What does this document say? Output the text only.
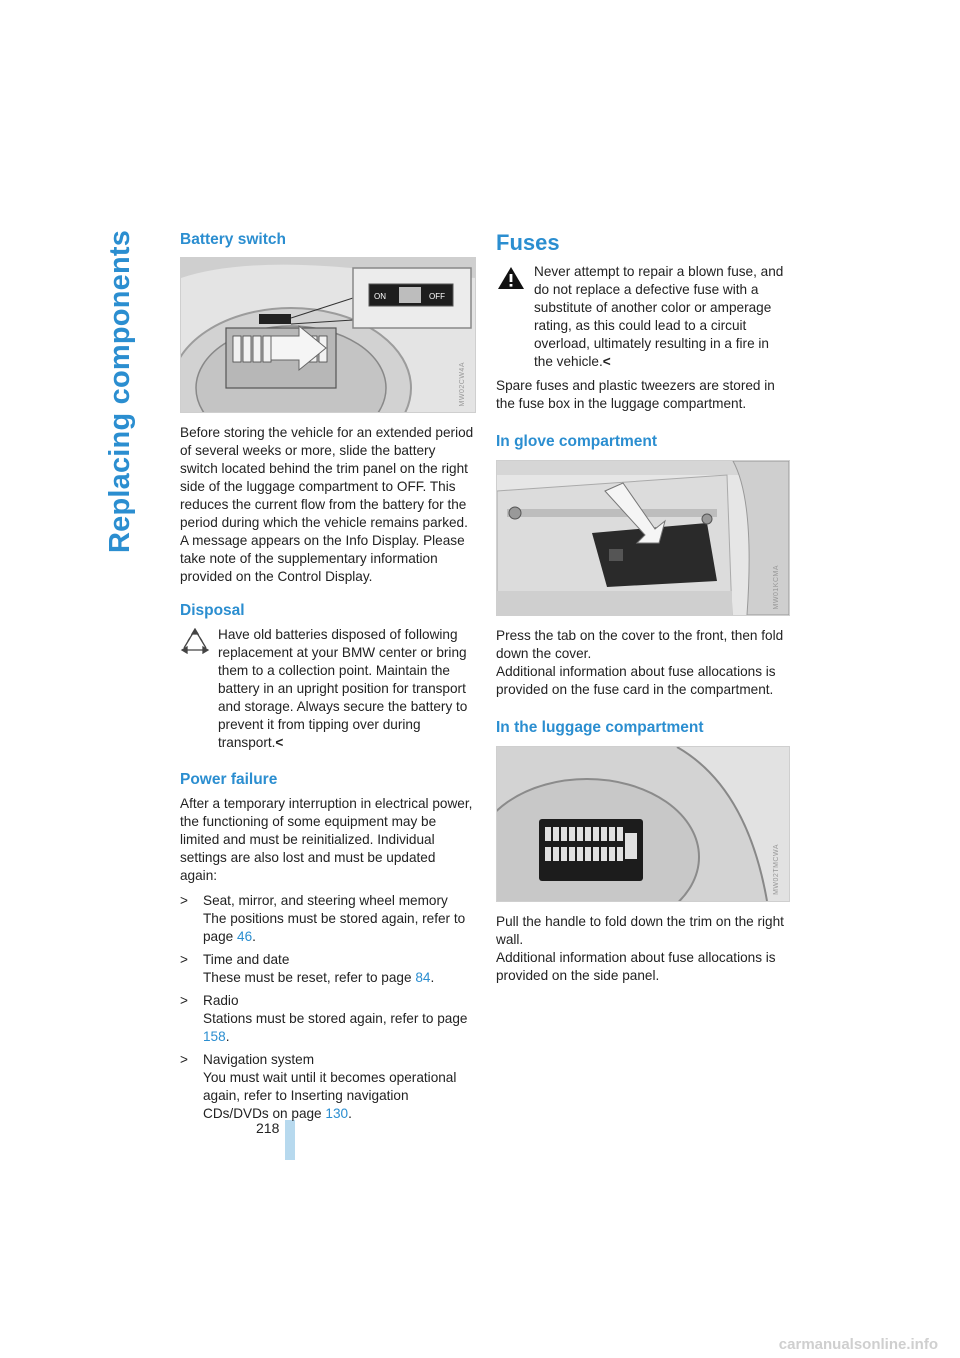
Replacing components
218
Battery switch
ON	OFF
MW02CW4A

Before storing the vehicle for an extended period of several weeks or more, slide the battery switch located behind the trim panel on the right side of the luggage compartment to OFF. This reduces the current flow from the battery for the period during which the vehicle remains parked. A message appears on the Info Display. Please take note of the supplementary information provided on the Control Display.

Disposal

Have old batteries disposed of following replacement at your BMW center or bring them to a collection point. Maintain the battery in an upright position for transport and storage. Always secure the battery to prevent it from tipping over during transport.<

Power failure

After a temporary interruption in electrical power, the functioning of some equipment may be limited and must be reinitialized. Individual settings are also lost and must be updated again:

> Seat, mirror, and steering wheel memory
The positions must be stored again, refer to page 46.
> Time and date
These must be reset, refer to page 84.
> Radio
Stations must be stored again, refer to page 158.
> Navigation system
You must wait until it becomes operational again, refer to Inserting navigation CDs/DVDs on page 130.
Fuses

Never attempt to repair a blown fuse, and do not replace a defective fuse with a substitute of another color or amperage rating, as this could lead to a circuit overload, ultimately resulting in a fire in the vehicle.<

Spare fuses and plastic tweezers are stored in the fuse box in the luggage compartment.

In glove compartment
MW01KCMA

Press the tab on the cover to the front, then fold down the cover.

Additional information about fuse allocations is provided on the fuse card in the compartment.

In the luggage compartment
MW02TMCWA

Pull the handle to fold down the trim on the right wall.

Additional information about fuse allocations is provided on the side panel.

carmanualsonline.info
